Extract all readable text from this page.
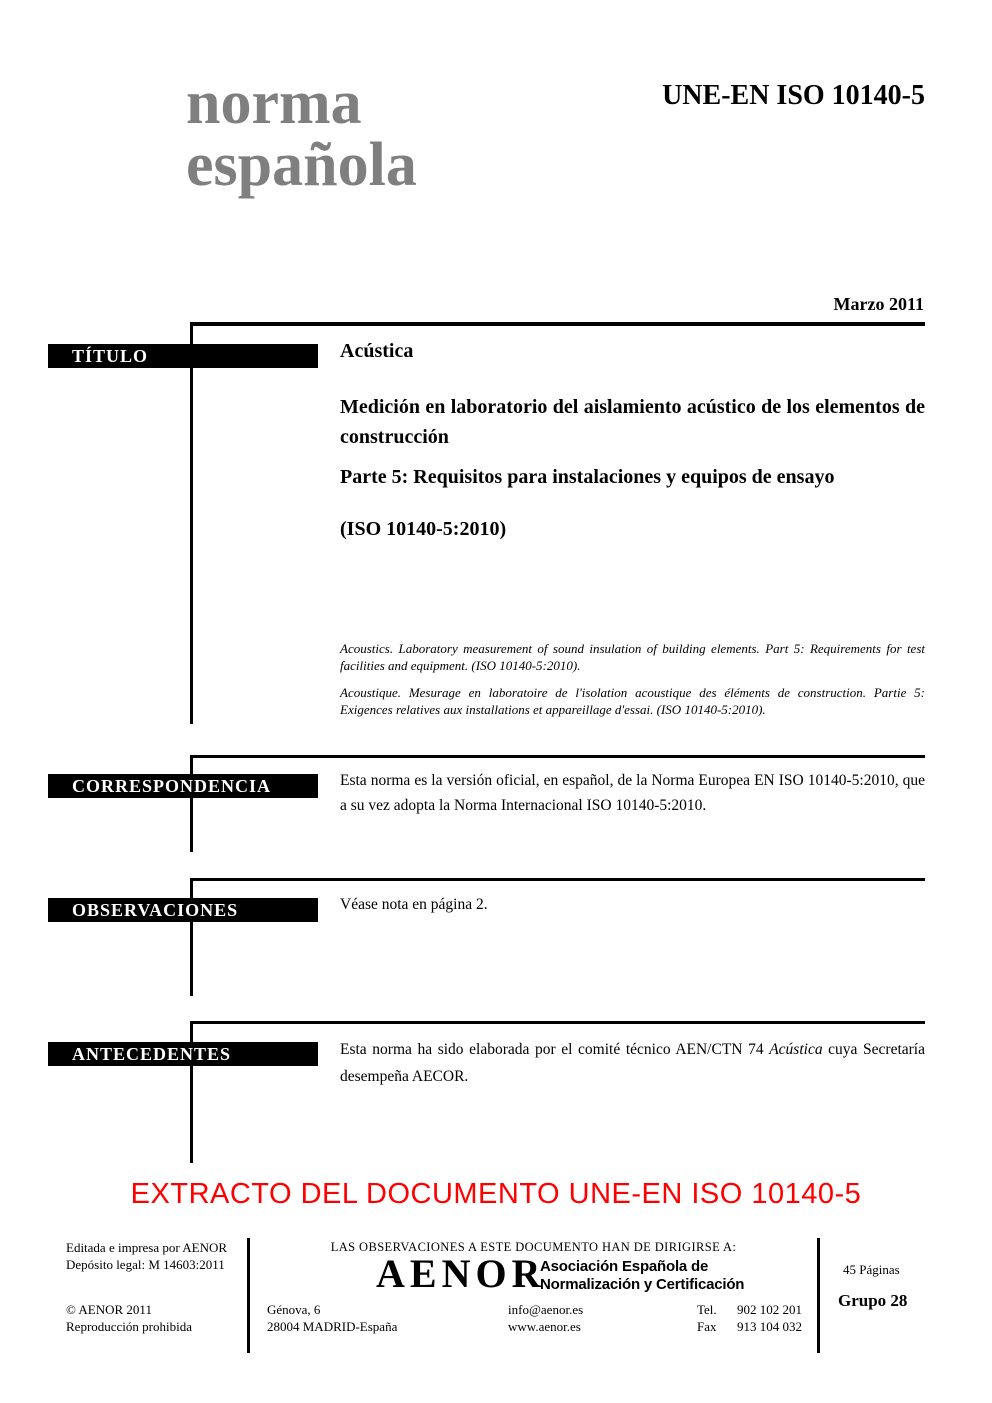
norma
española
UNE-EN ISO 10140-5
Marzo 2011
TÍTULO	Acústica
Medición en laboratorio del aislamiento acústico de los elementos de construcción
Parte 5: Requisitos para instalaciones y equipos de ensayo
(ISO 10140-5:2010)
Acoustics. Laboratory measurement of sound insulation of building elements. Part 5: Requirements for test facilities and equipment. (ISO 10140-5:2010).
Acoustique. Mesurage en laboratoire de l'isolation acoustique des éléments de construction. Partie 5: Exigences relatives aux installations et appareillage d'essai. (ISO 10140-5:2010).
CORRESPONDENCIA	Esta norma es la versión oficial, en español, de la Norma Europea EN ISO 10140-5:2010, que a su vez adopta la Norma Internacional ISO 10140-5:2010.
OBSERVACIONES	Véase nota en página 2.
ANTECEDENTES	Esta norma ha sido elaborada por el comité técnico AEN/CTN 74 Acústica cuya Secretaría desempeña AECOR.
EXTRACTO DEL DOCUMENTO UNE-EN ISO 10140-5
Editada e impresa por AENOR
Depósito legal: M 14603:2011
© AENOR 2011
Reproducción prohibida
LAS OBSERVACIONES A ESTE DOCUMENTO HAN DE DIRIGIRSE A:
AENOR
Asociación Española de
Normalización y Certificación
Génova, 6
28004 MADRID-España
info@aenor.es
www.aenor.es
Tel. 902 102 201
Fax 913 104 032
45 Páginas
Grupo 28
